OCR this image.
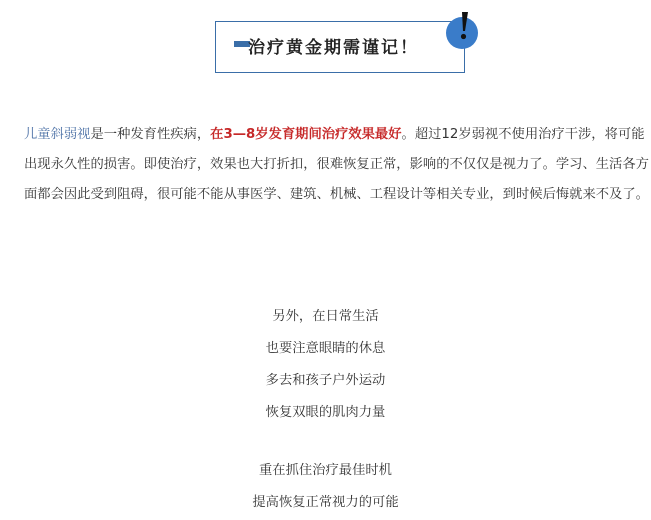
治疗黄金期需谨记！

儿童斜弱视是一种发育性疾病，在3—8岁发育期间治疗效果最好。超过12岁弱视不使用治疗干涉，将可能出现永久性的损害。即使治疗，效果也大打折扣，很难恢复正常，影响的不仅仅是视力了。学习、生活各方面都会因此受到阻碍，很可能不能从事医学、建筑、机械、工程设计等相关专业，到时候后悔就来不及了。

另外，在日常生活
也要注意眼睛的休息
多去和孩子户外运动
恢复双眼的肌肉力量
重在抓住治疗最佳时机
提高恢复正常视力的可能
